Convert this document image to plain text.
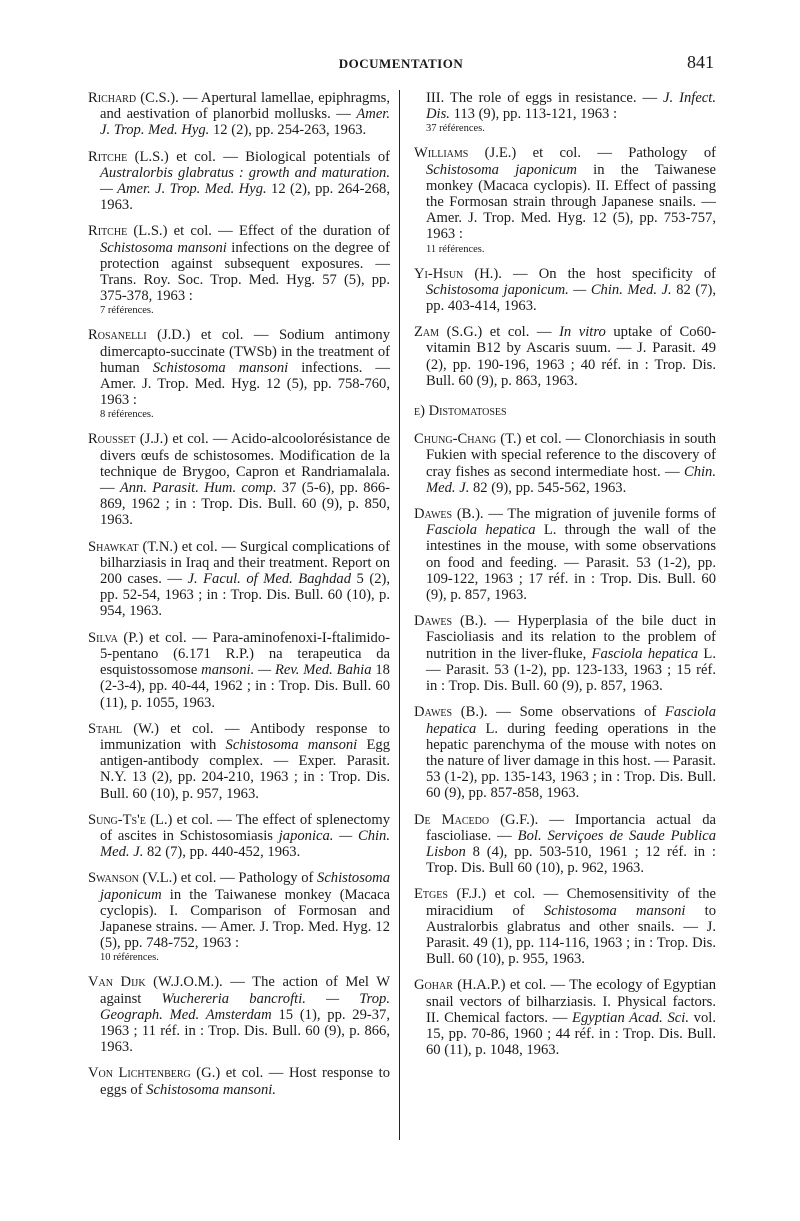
DOCUMENTATION	841
Richard (C.S.). — Apertural lamellae, epiphragms, and aestivation of planorbid mollusks. — Amer. J. Trop. Med. Hyg. 12 (2), pp. 254-263, 1963.
Ritche (L.S.) et col. — Biological potentials of Australorbis glabratus : growth and maturation. — Amer. J. Trop. Med. Hyg. 12 (2), pp. 264-268, 1963.
Ritche (L.S.) et col. — Effect of the duration of Schistosoma mansoni infections on the degree of protection against subsequent exposures. — Trans. Roy. Soc. Trop. Med. Hyg. 57 (5), pp. 375-378, 1963 :
7 références.
Rosanelli (J.D.) et col. — Sodium antimony dimercapto-succinate (TWSb) in the treatment of human Schistosoma mansoni infections. — Amer. J. Trop. Med. Hyg. 12 (5), pp. 758-760, 1963 :
8 références.
Rousset (J.J.) et col. — Acido-alcoolorésistance de divers œufs de schistosomes. Modification de la technique de Brygoo, Capron et Randriamalala. — Ann. Parasit. Hum. comp. 37 (5-6), pp. 866-869, 1962 ; in : Trop. Dis. Bull. 60 (9), p. 850, 1963.
Shawkat (T.N.) et col. — Surgical complications of bilharziasis in Iraq and their treatment. Report on 200 cases. — J. Facul. of Med. Baghdad 5 (2), pp. 52-54, 1963 ; in : Trop. Dis. Bull. 60 (10), p. 954, 1963.
Silva (P.) et col. — Para-aminofenoxi-I-ftalimido-5-pentano (6.171 R.P.) na terapeutica da esquistossomose mansoni. — Rev. Med. Bahia 18 (2-3-4), pp. 40-44, 1962 ; in : Trop. Dis. Bull. 60 (11), p. 1055, 1963.
Stahl (W.) et col. — Antibody response to immunization with Schistosoma mansoni Egg antigen-antibody complex. — Exper. Parasit. N.Y. 13 (2), pp. 204-210, 1963 ; in : Trop. Dis. Bull. 60 (10), p. 957, 1963.
Sung-Ts'e (L.) et col. — The effect of splenectomy of ascites in Schistosomiasis japonica. — Chin. Med. J. 82 (7), pp. 440-452, 1963.
Swanson (V.L.) et col. — Pathology of Schistosoma japonicum in the Taiwanese monkey (Macaca cyclopis). I. Comparison of Formosan and Japanese strains. — Amer. J. Trop. Med. Hyg. 12 (5), pp. 748-752, 1963 :
10 références.
Van Dijk (W.J.O.M.). — The action of Mel W against Wuchereria bancrofti. — Trop. Geograph. Med. Amsterdam 15 (1), pp. 29-37, 1963 ; 11 réf. in : Trop. Dis. Bull. 60 (9), p. 866, 1963.
Von Lichtenberg (G.) et col. — Host response to eggs of Schistosoma mansoni.
III. The role of eggs in resistance. — J. Infect. Dis. 113 (9), pp. 113-121, 1963 :
37 références.
Williams (J.E.) et col. — Pathology of Schistosoma japonicum in the Taiwanese monkey (Macaca cyclopis). II. Effect of passing the Formosan strain through Japanese snails. — Amer. J. Trop. Med. Hyg. 12 (5), pp. 753-757, 1963 :
11 références.
Yi-Hsun (H.). — On the host specificity of Schistosoma japonicum. — Chin. Med. J. 82 (7), pp. 403-414, 1963.
Zam (S.G.) et col. — In vitro uptake of Co60-vitamin B12 by Ascaris suum. — J. Parasit. 49 (2), pp. 190-196, 1963 ; 40 réf. in : Trop. Dis. Bull. 60 (9), p. 863, 1963.
e) Distomatoses
Chung-Chang (T.) et col. — Clonorchiasis in south Fukien with special reference to the discovery of cray fishes as second intermediate host. — Chin. Med. J. 82 (9), pp. 545-562, 1963.
Dawes (B.). — The migration of juvenile forms of Fasciola hepatica L. through the wall of the intestines in the mouse, with some observations on food and feeding. — Parasit. 53 (1-2), pp. 109-122, 1963 ; 17 réf. in : Trop. Dis. Bull. 60 (9), p. 857, 1963.
Dawes (B.). — Hyperplasia of the bile duct in Fascioliasis and its relation to the problem of nutrition in the liver-fluke, Fasciola hepatica L. — Parasit. 53 (1-2), pp. 123-133, 1963 ; 15 réf. in : Trop. Dis. Bull. 60 (9), p. 857, 1963.
Dawes (B.). — Some observations of Fasciola hepatica L. during feeding operations in the hepatic parenchyma of the mouse with notes on the nature of liver damage in this host. — Parasit. 53 (1-2), pp. 135-143, 1963 ; in : Trop. Dis. Bull. 60 (9), pp. 857-858, 1963.
De Macedo (G.F.). — Importancia actual da fascioliase. — Bol. Serviçoes de Saude Publica Lisbon 8 (4), pp. 503-510, 1961 ; 12 réf. in : Trop. Dis. Bull 60 (10), p. 962, 1963.
Etges (F.J.) et col. — Chemosensitivity of the miracidium of Schistosoma mansoni to Australorbis glabratus and other snails. — J. Parasit. 49 (1), pp. 114-116, 1963 ; in : Trop. Dis. Bull. 60 (10), p. 955, 1963.
Gohar (H.A.P.) et col. — The ecology of Egyptian snail vectors of bilharziasis. I. Physical factors. II. Chemical factors. — Egyptian Acad. Sci. vol. 15, pp. 70-86, 1960 ; 44 réf. in : Trop. Dis. Bull. 60 (11), p. 1048, 1963.
